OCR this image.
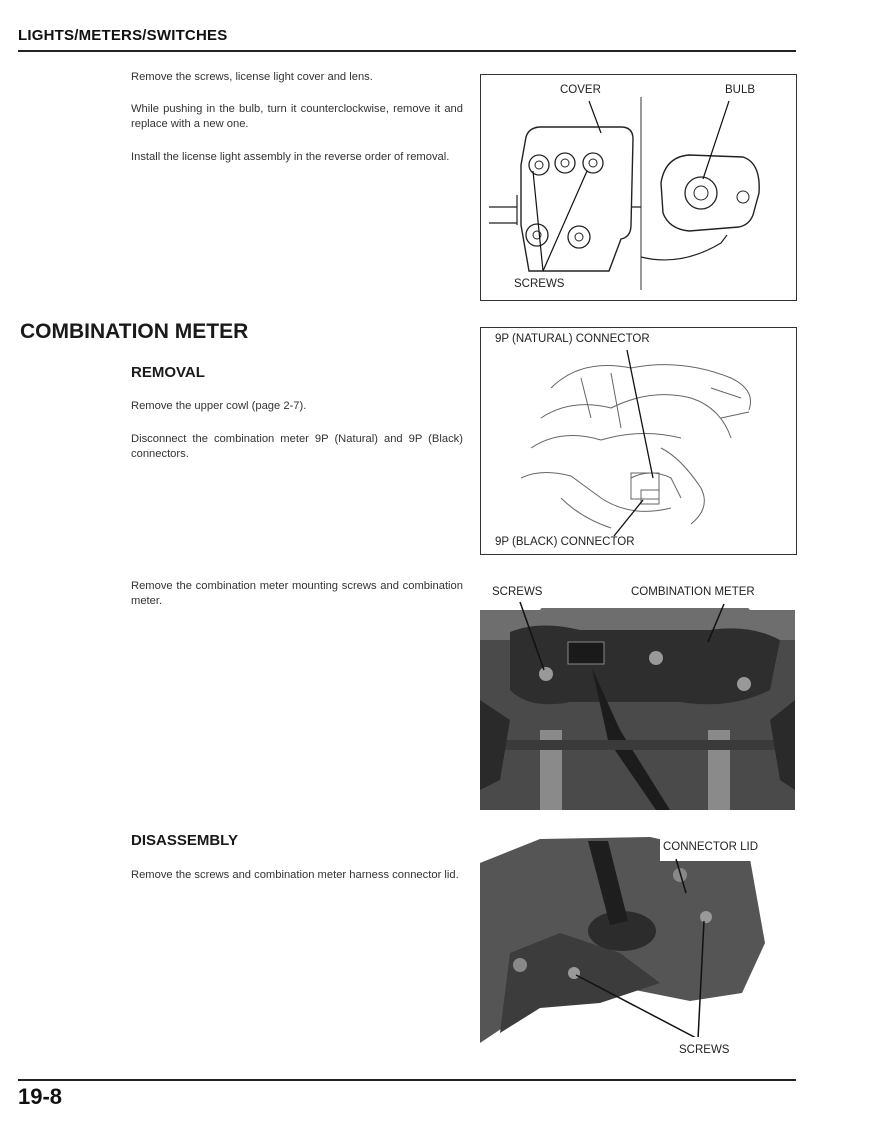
LIGHTS/METERS/SWITCHES
Remove the screws, license light cover and lens.
While pushing in the bulb, turn it counterclockwise, remove it and replace with a new one.
Install the license light assembly in the reverse order of removal.
COVER	BULB
SCREWS
COMBINATION METER
REMOVAL
Remove the upper cowl (page 2-7).
Disconnect the combination meter 9P (Natural) and 9P (Black) connectors.
9P (NATURAL) CONNECTOR
9P (BLACK) CONNECTOR
Remove the combination meter mounting screws and combination meter.
SCREWS	COMBINATION METER
DISASSEMBLY
Remove the screws and combination meter harness connector lid.
CONNECTOR LID
SCREWS
19-8
